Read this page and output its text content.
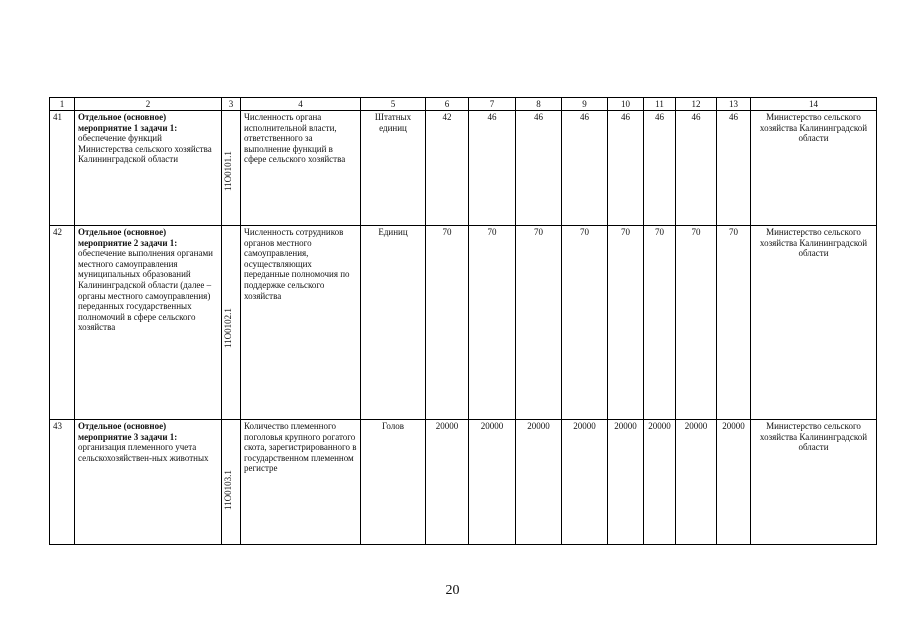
1	2	3	4	5	6	7	8	9	10	11	12	13	14
41	Отдельное (основное) мероприятие 1 задачи 1: обеспечение функций Министерства сельского хозяйства Калининградской области	11О0101.1	Численность органа исполнительной власти, ответственного за выполнение функций в сфере сельского хозяйства	Штатных единиц	42	46	46	46	46	46	46	46	Министерство сельского хозяйства Калининградской области
42	Отдельное (основное) мероприятие 2 задачи 1: обеспечение выполнения органами местного самоуправления муниципальных образований Калининградской области (далее – органы местного самоуправления) переданных государственных полномочий в сфере сельского хозяйства	11О0102.1	Численность сотрудников органов местного самоуправления, осуществляющих переданные полномочия по поддержке сельского хозяйства	Единиц	70	70	70	70	70	70	70	70	Министерство сельского хозяйства Калининградской области
43	Отдельное (основное) мероприятие 3 задачи 1: организация племенного учета сельскохозяйствен-ных животных	11О0103.1	Количество племенного поголовья крупного рогатого скота, зарегистрированного в государственном племенном регистре	Голов	20000	20000	20000	20000	20000	20000	20000	20000	Министерство сельского хозяйства Калининградской области
20
